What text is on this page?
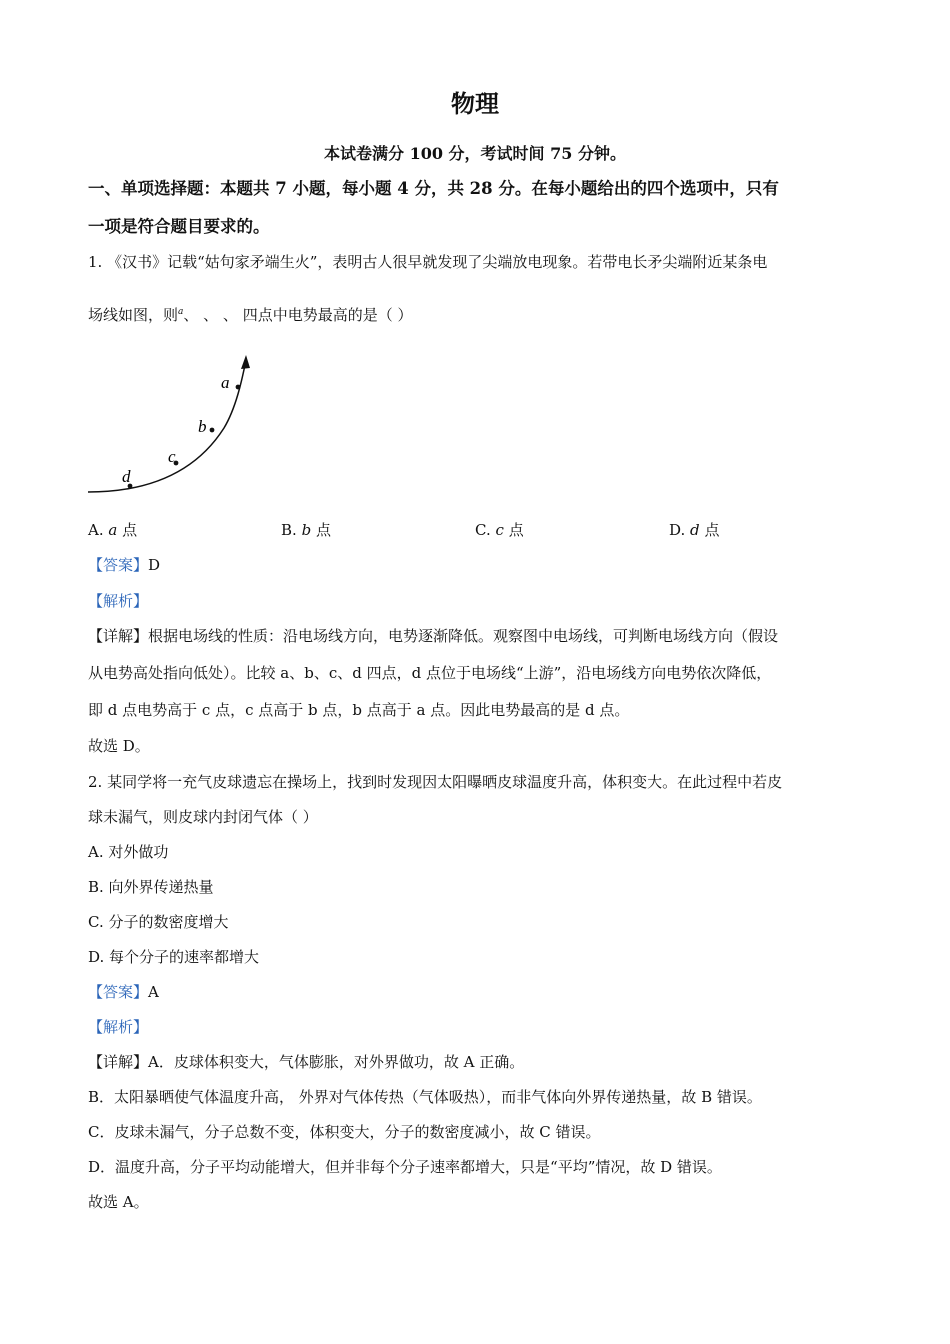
物理
本试卷满分 100 分，考试时间 75 分钟。
一、单项选择题：本题共 7 小题，每小题 4 分，共 28 分。在每小题给出的四个选项中，只有
一项是符合题目要求的。
1. 《汉书》记载“姑句家矛端生火”，表明古人很早就发现了尖端放电现象。若带电长矛尖端附近某条电
场线如图，则$^a$、 、 、 四点中电势最高的是（ ）
a
b
c
d
A. a 点	B. b 点	C. c 点	D. d 点
【答案】D
【解析】
【详解】根据电场线的性质：沿电场线方向，电势逐渐降低。观察图中电场线，可判断电场线方向（假设
从电势高处指向低处）。比较 a、b、c、d 四点，d 点位于电场线“上游”，沿电场线方向电势依次降低，
即 d 点电势高于 c 点，c 点高于 b 点，b 点高于 a 点。因此电势最高的是 d 点。
故选 D。
2. 某同学将一充气皮球遗忘在操场上，找到时发现因太阳曝晒皮球温度升高，体积变大。在此过程中若皮
球未漏气，则皮球内封闭气体（ ）
A. 对外做功
B. 向外界传递热量
C. 分子的数密度增大
D. 每个分子的速率都增大
【答案】A
【解析】
【详解】A．皮球体积变大，气体膨胀，对外界做功，故 A 正确。
B．太阳暴晒使气体温度升高， 外界对气体传热（气体吸热），而非气体向外界传递热量，故 B 错误。
C．皮球未漏气，分子总数不变，体积变大，分子的数密度减小，故 C 错误。
D．温度升高，分子平均动能增大，但并非每个分子速率都增大，只是“平均”情况，故 D 错误。
故选 A。
